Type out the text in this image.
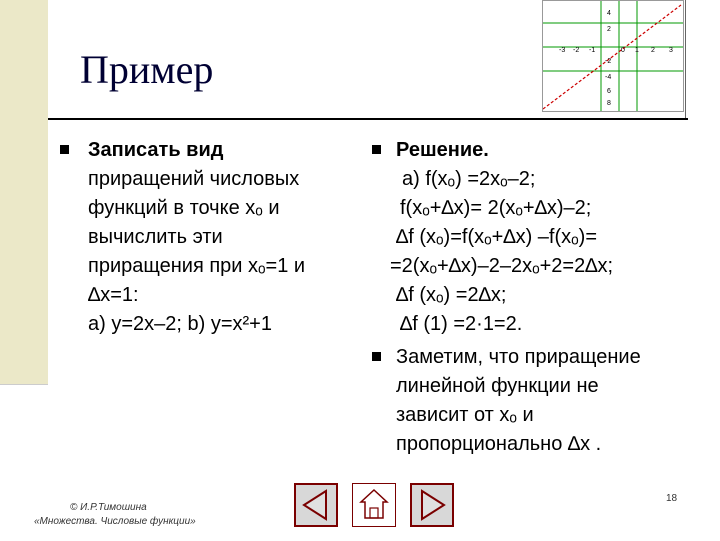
Пример	-3 -2 -1	0 1 2 3
4
2
-2
-4
6
8

Записать вид

приращений числовых

функций в точке xₒ и

вычислить эти

приращения при xₒ=1 и

∆x=1:

a) y=2x–2; b) y=x²+1

Решение.

a) f(xₒ) =2xₒ–2;

f(xₒ+∆x)= 2(xₒ+∆x)–2;

∆f (xₒ)=f(xₒ+∆x) –f(xₒ)=

=2(xₒ+∆x)–2–2xₒ+2=2∆x;

∆f (xₒ) =2∆x;

∆f (1) =2·1=2.

Заметим, что приращение

линейной функции не

зависит от xₒ и

пропорционально ∆x .

© И.Р.Тимошина
«Множества. Числовые функции»
18
